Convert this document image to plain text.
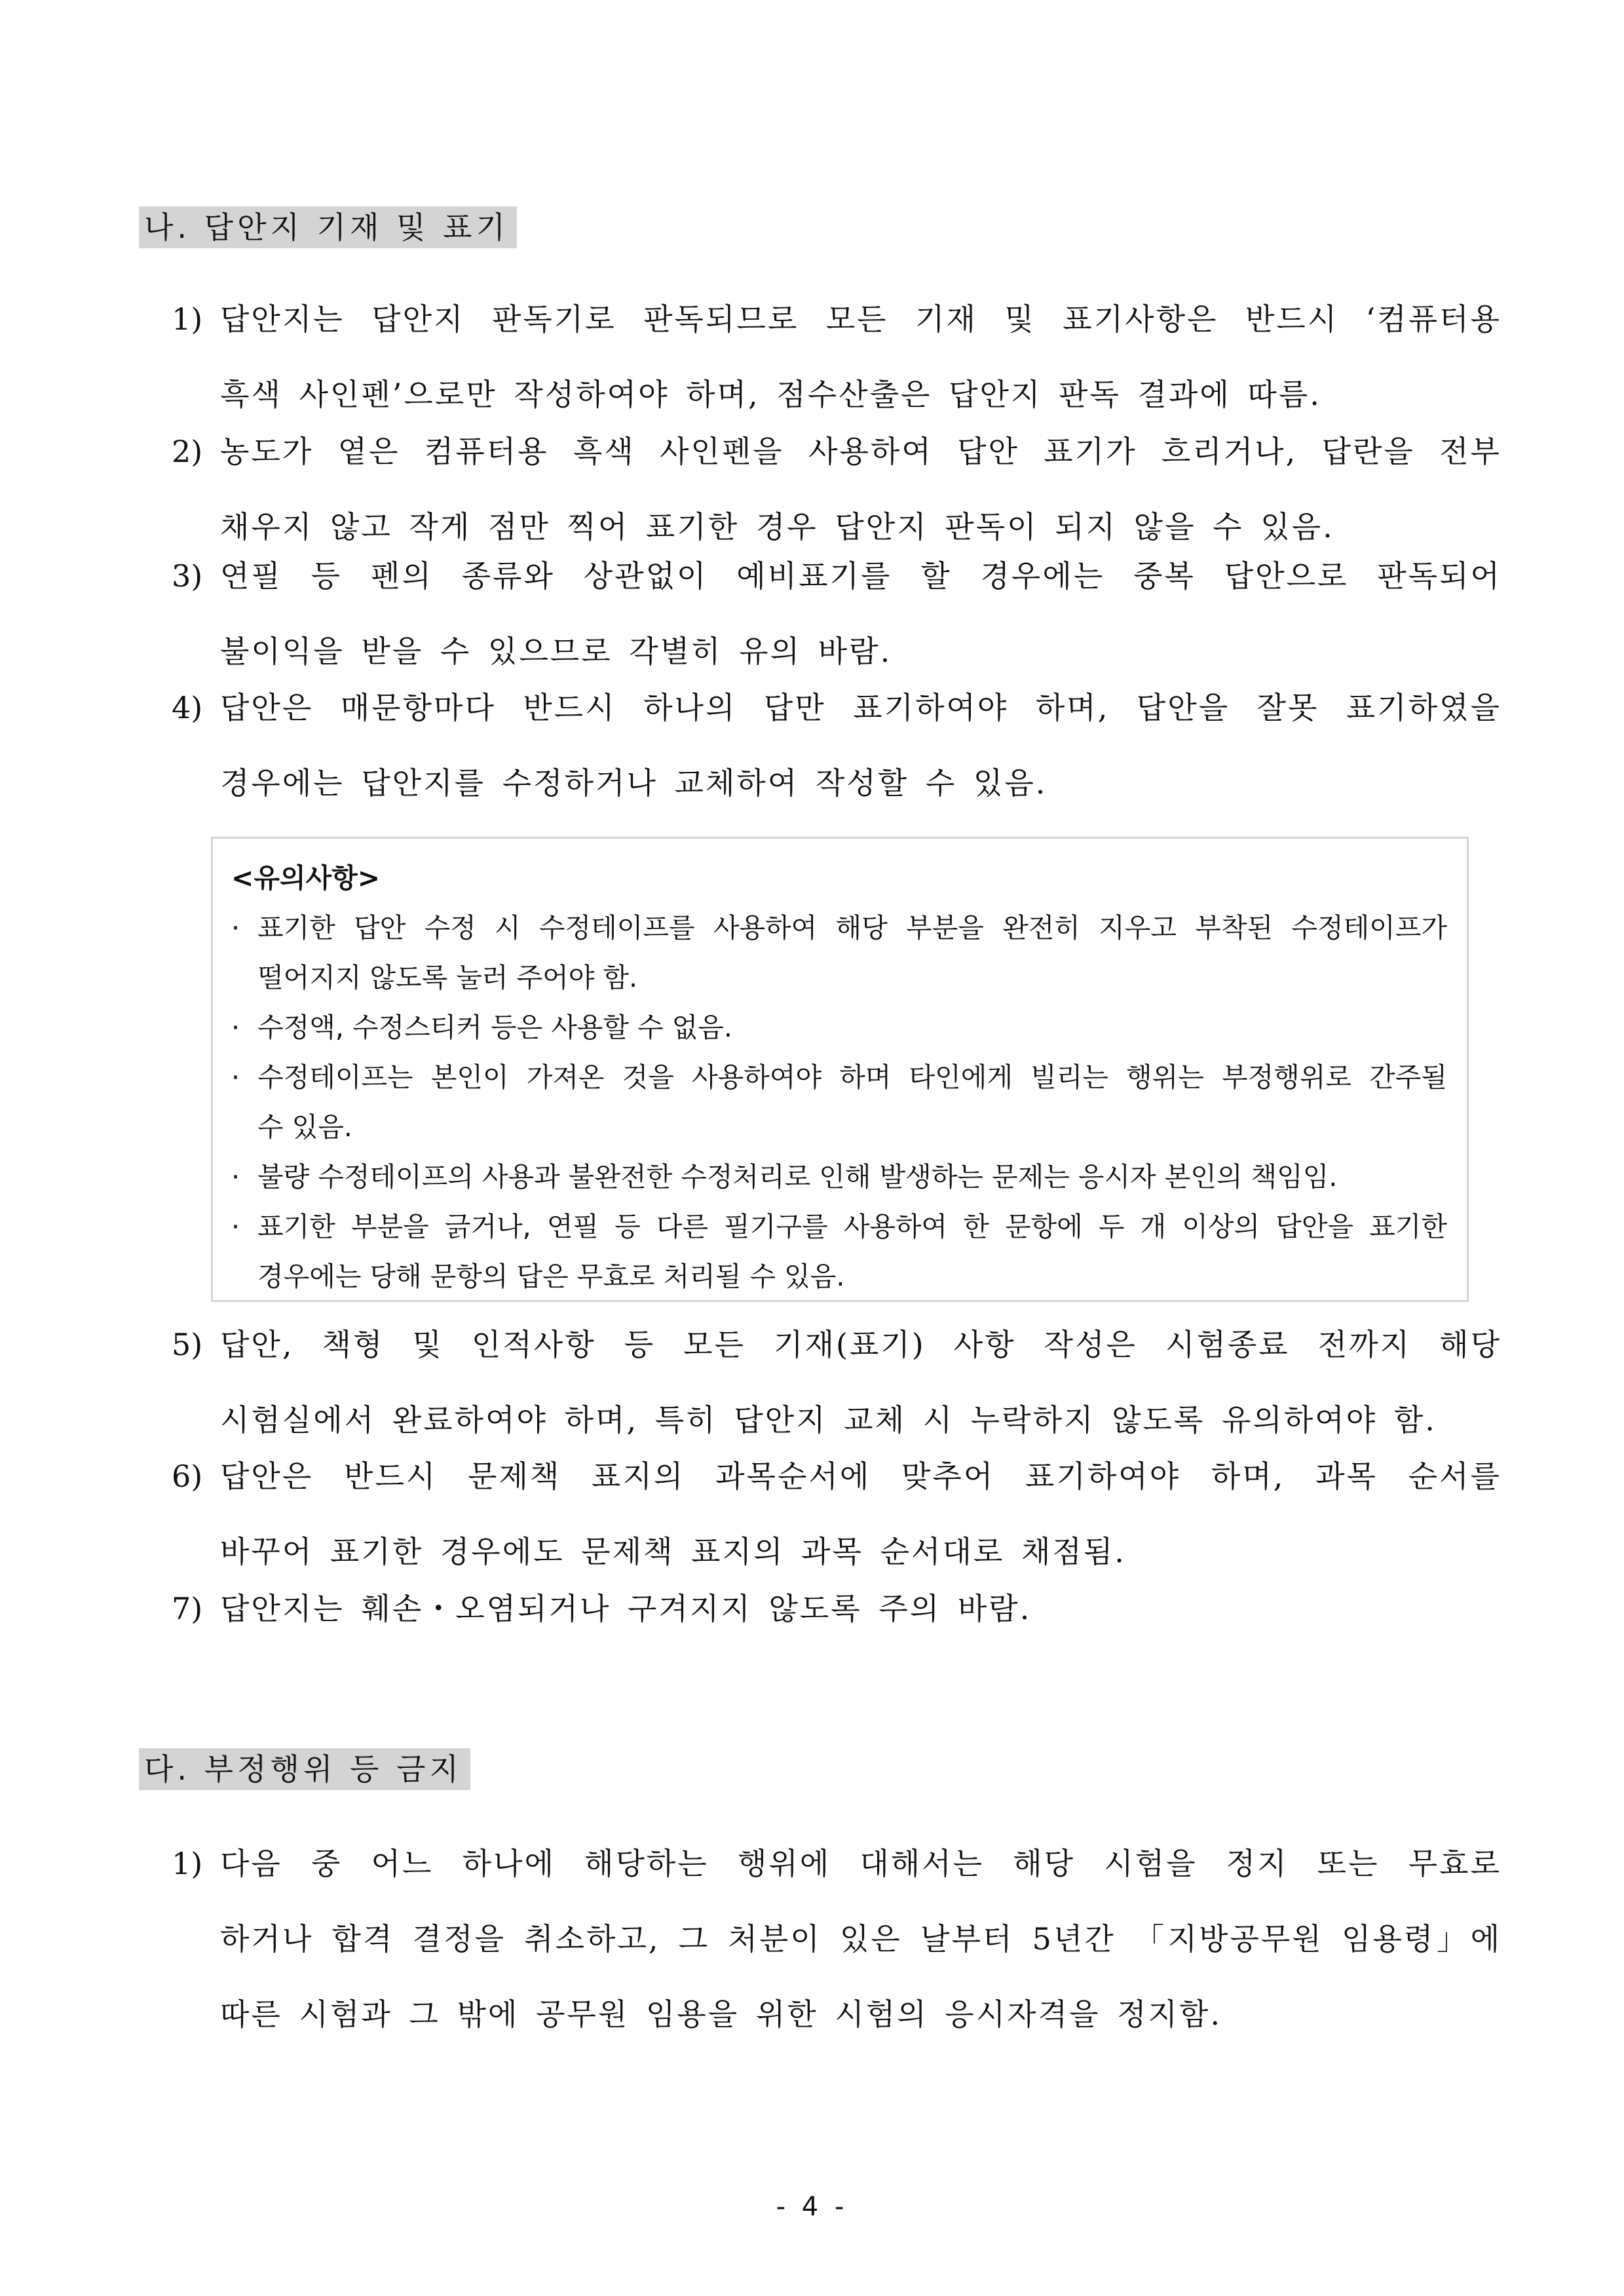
나. 답안지 기재 및 표기
1) 답안지는 답안지 판독기로 판독되므로 모든 기재 및 표기사항은 반드시 ‘컴퓨터용
흑색 사인펜’으로만 작성하여야 하며, 점수산출은 답안지 판독 결과에 따름.
2) 농도가 옅은 컴퓨터용 흑색 사인펜을 사용하여 답안 표기가 흐리거나, 답란을 전부
채우지 않고 작게 점만 찍어 표기한 경우 답안지 판독이 되지 않을 수 있음.
3) 연필 등 펜의 종류와 상관없이 예비표기를 할 경우에는 중복 답안으로 판독되어
불이익을 받을 수 있으므로 각별히 유의 바람.
4) 답안은 매문항마다 반드시 하나의 답만 표기하여야 하며, 답안을 잘못 표기하였을
경우에는 답안지를 수정하거나 교체하여 작성할 수 있음.
<유의사항>
· 표기한 답안 수정 시 수정테이프를 사용하여 해당 부분을 완전히 지우고 부착된 수정테이프가
떨어지지 않도록 눌러 주어야 함.
· 수정액, 수정스티커 등은 사용할 수 없음.
· 수정테이프는 본인이 가져온 것을 사용하여야 하며 타인에게 빌리는 행위는 부정행위로 간주될
수 있음.
· 불량 수정테이프의 사용과 불완전한 수정처리로 인해 발생하는 문제는 응시자 본인의 책임임.
· 표기한 부분을 긁거나, 연필 등 다른 필기구를 사용하여 한 문항에 두 개 이상의 답안을 표기한
경우에는 당해 문항의 답은 무효로 처리될 수 있음.
5) 답안, 책형 및 인적사항 등 모든 기재(표기) 사항 작성은 시험종료 전까지 해당
시험실에서 완료하여야 하며, 특히 답안지 교체 시 누락하지 않도록 유의하여야 함.
6) 답안은 반드시 문제책 표지의 과목순서에 맞추어 표기하여야 하며, 과목 순서를
바꾸어 표기한 경우에도 문제책 표지의 과목 순서대로 채점됨.
7) 답안지는 훼손・오염되거나 구겨지지 않도록 주의 바람.
다. 부정행위 등 금지
1) 다음 중 어느 하나에 해당하는 행위에 대해서는 해당 시험을 정지 또는 무효로
하거나 합격 결정을 취소하고, 그 처분이 있은 날부터 5년간 「지방공무원 임용령」에
따른 시험과 그 밖에 공무원 임용을 위한 시험의 응시자격을 정지함.
- 4 -
